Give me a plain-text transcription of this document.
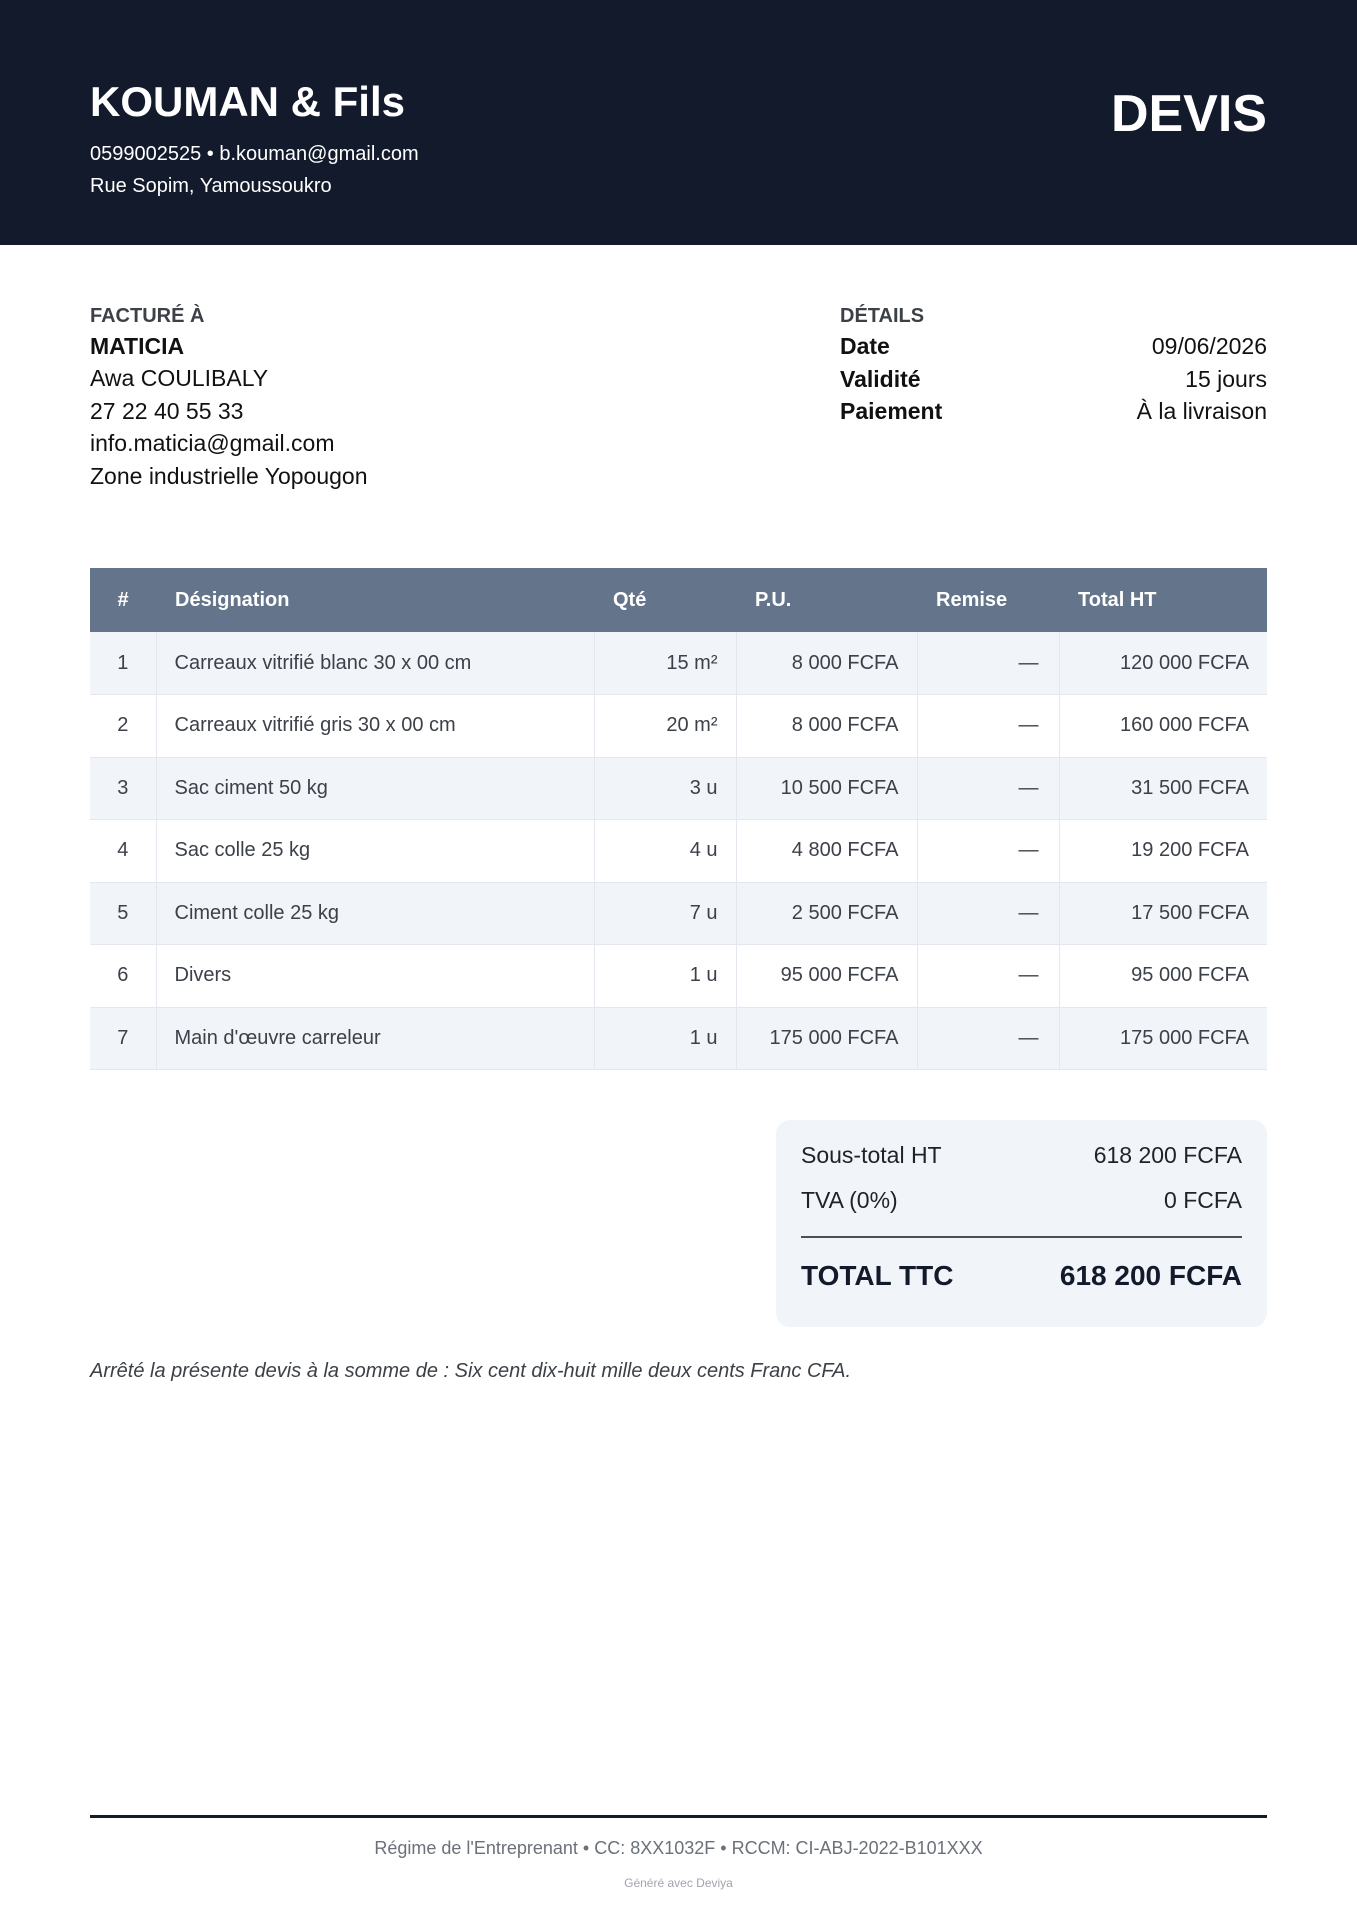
KOUMAN & Fils
0599002525 • b.kouman@gmail.com
Rue Sopim, Yamoussoukro
DEVIS
FACTURÉ À
MATICIA
Awa COULIBALY
27 22 40 55 33
info.maticia@gmail.com
Zone industrielle Yopougon
DÉTAILS
Date	09/06/2026
Validité	15 jours
Paiement	À la livraison
#	Désignation	Qté	P.U.	Remise	Total HT
1	Carreaux vitrifié blanc 30 x 00 cm	15 m²	8 000 FCFA	—	120 000 FCFA
2	Carreaux vitrifié gris 30 x 00 cm	20 m²	8 000 FCFA	—	160 000 FCFA
3	Sac ciment 50 kg	3 u	10 500 FCFA	—	31 500 FCFA
4	Sac colle 25 kg	4 u	4 800 FCFA	—	19 200 FCFA
5	Ciment colle 25 kg	7 u	2 500 FCFA	—	17 500 FCFA
6	Divers	1 u	95 000 FCFA	—	95 000 FCFA
7	Main d'œuvre carreleur	1 u	175 000 FCFA	—	175 000 FCFA
Sous-total HT	618 200 FCFA
TVA (0%)	0 FCFA
TOTAL TTC	618 200 FCFA
Arrêté la présente devis à la somme de : Six cent dix-huit mille deux cents Franc CFA.
Régime de l'Entreprenant • CC: 8XX1032F • RCCM: CI-ABJ-2022-B101XXX
Généré avec Deviya
